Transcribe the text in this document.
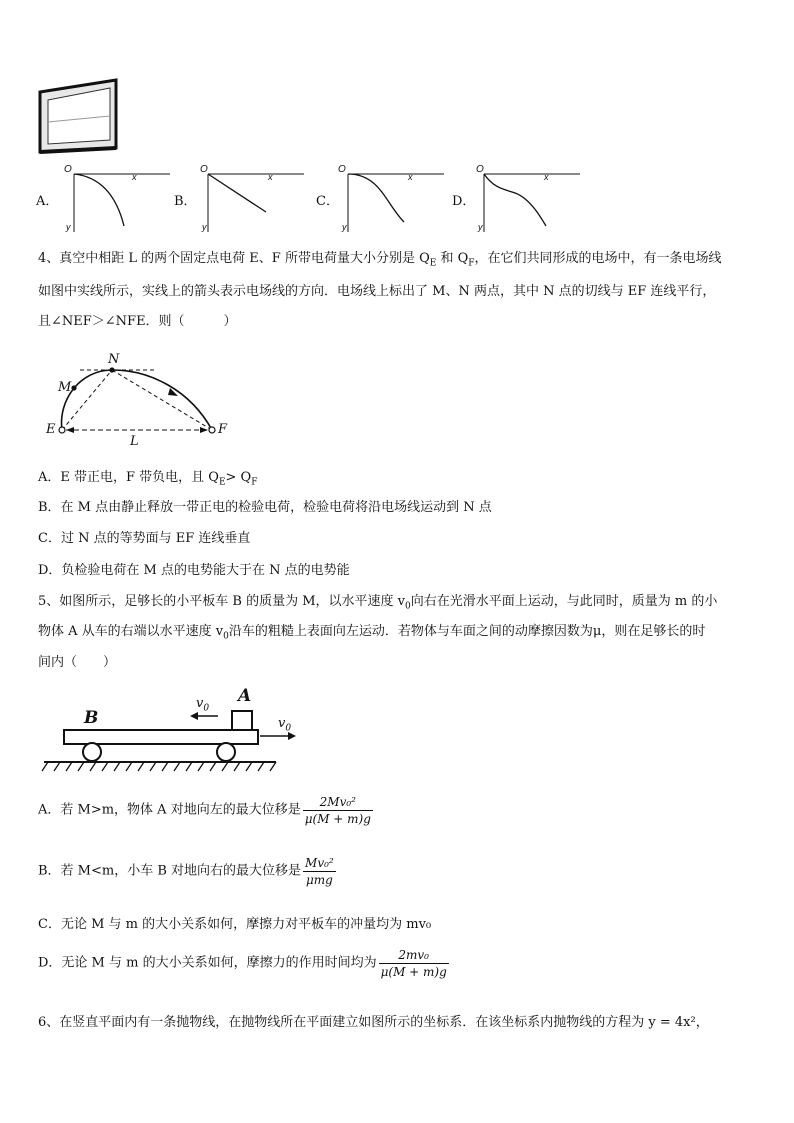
A．
O
x
y
B．
O
x
y
C．
O
x
y
D．
O
x
y
4、真空中相距 L 的两个固定点电荷 E、F 所带电荷量大小分别是 $Q_E$ 和 $Q_F$，在它们共同形成的电场中，有一条电场线
如图中实线所示，实线上的箭头表示电场线的方向．电场线上标出了 M、N 两点，其中 N 点的切线与 EF 连线平行，
且∠NEF＞∠NFE．则（　　　）
N
M
E	F
L
A．E 带正电，F 带负电，且 $Q_E> Q_F$
B．在 M 点由静止释放一带正电的检验电荷，检验电荷将沿电场线运动到 N 点
C．过 N 点的等势面与 EF 连线垂直
D．负检验电荷在 M 点的电势能大于在 N 点的电势能
5、如图所示，足够长的小平板车 B 的质量为 M，以水平速度 $v_0$向右在光滑水平面上运动，与此同时，质量为 m 的小
物体 A 从车的右端以水平速度 $v_0$沿车的粗糙上表面向左运动．若物体与车面之间的动摩擦因数为μ，则在足够长的时
间内（　　）
A
B
$v_0$
$v_0$
A．若 M>m，物体 A 对地向左的最大位移是 $\frac{\text{2Mv₀²}}{\mu(M + m)g}$
B．若 M<m，小车 B 对地向右的最大位移是 $\frac{\text{Mv₀²}}{\text{μmg}}$
C．无论 M 与 m 的大小关系如何，摩擦力对平板车的冲量均为 mv₀
D．无论 M 与 m 的大小关系如何，摩擦力的作用时间均为 $\frac{\text{2mv₀}}{\mu(M + m)g}$
6、在竖直平面内有一条抛物线，在抛物线所在平面建立如图所示的坐标系．在该坐标系内抛物线的方程为 y = 4x²，
